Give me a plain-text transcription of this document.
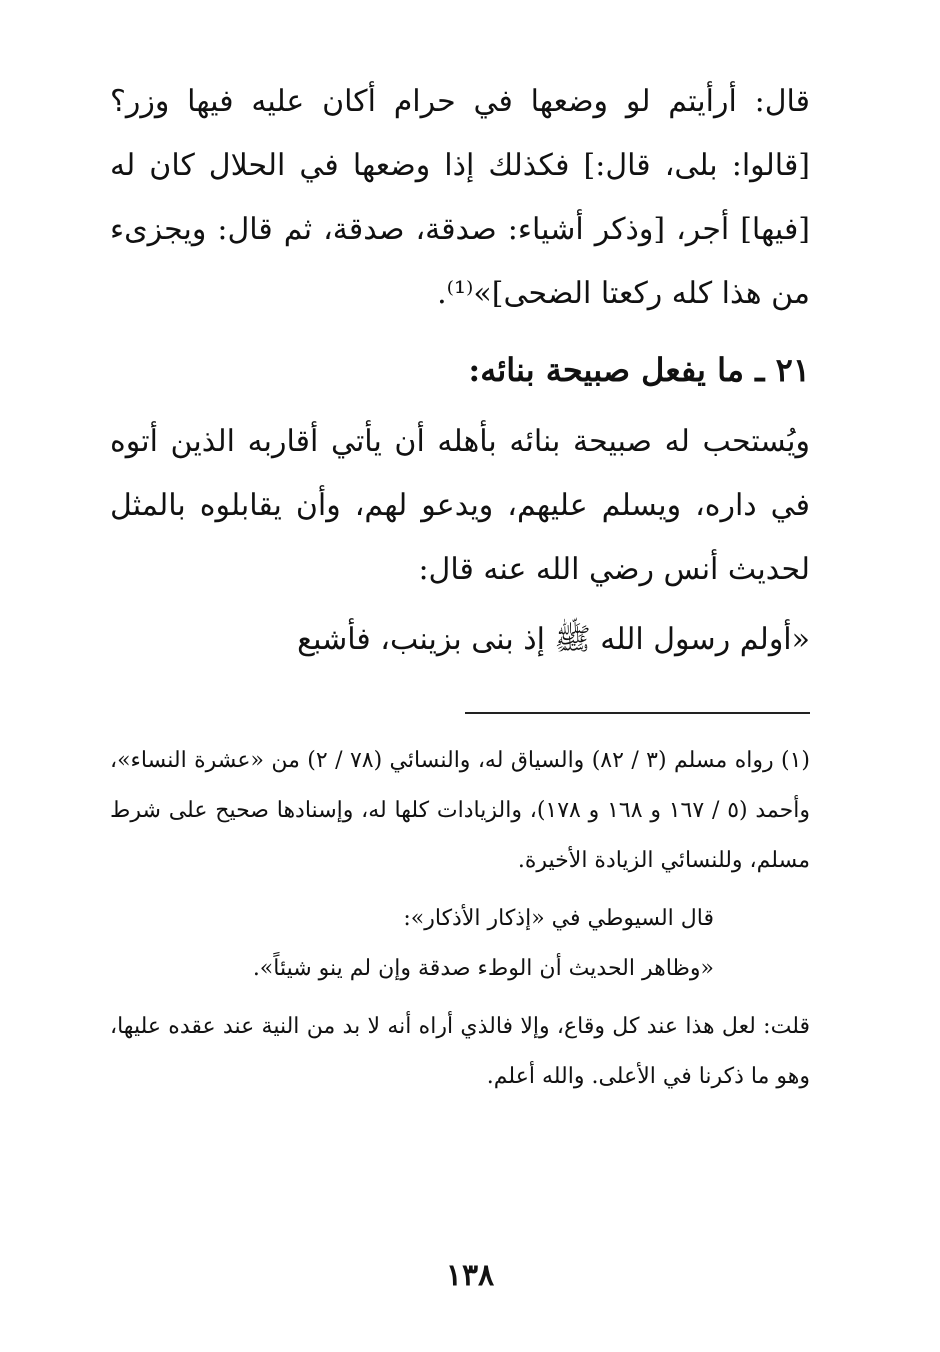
قال: أرأيتم لو وضعها في حرام أكان عليه فيها وزر؟ [قالوا: بلى، قال:] فكذلك إذا وضعها في الحلال كان له [فيها] أجر، [وذكر أشياء: صدقة، صدقة، ثم قال: ويجزىء من هذا كله ركعتا الضحى]»⁽¹⁾.

٢١ ـ ما يفعل صبيحة بنائه:

ويُستحب له صبيحة بنائه بأهله أن يأتي أقاربه الذين أتوه في داره، ويسلم عليهم، ويدعو لهم، وأن يقابلوه بالمثل لحديث أنس رضي الله عنه قال:

«أولم رسول الله ﷺ إذ بنى بزينب، فأشبع

(١) رواه مسلم (٣ / ٨٢) والسياق له، والنسائي (٧٨ / ٢) من «عشرة النساء»، وأحمد (٥ / ١٦٧ و ١٦٨ و ١٧٨)، والزيادات كلها له، وإسنادها صحيح على شرط مسلم، وللنسائي الزيادة الأخيرة.

قال السيوطي في «إذكار الأذكار»:

«وظاهر الحديث أن الوطء صدقة وإن لم ينو شيئاً».

قلت: لعل هذا عند كل وقاع، وإلا فالذي أراه أنه لا بد من النية عند عقده عليها، وهو ما ذكرنا في الأعلى. والله أعلم.

١٣٨
